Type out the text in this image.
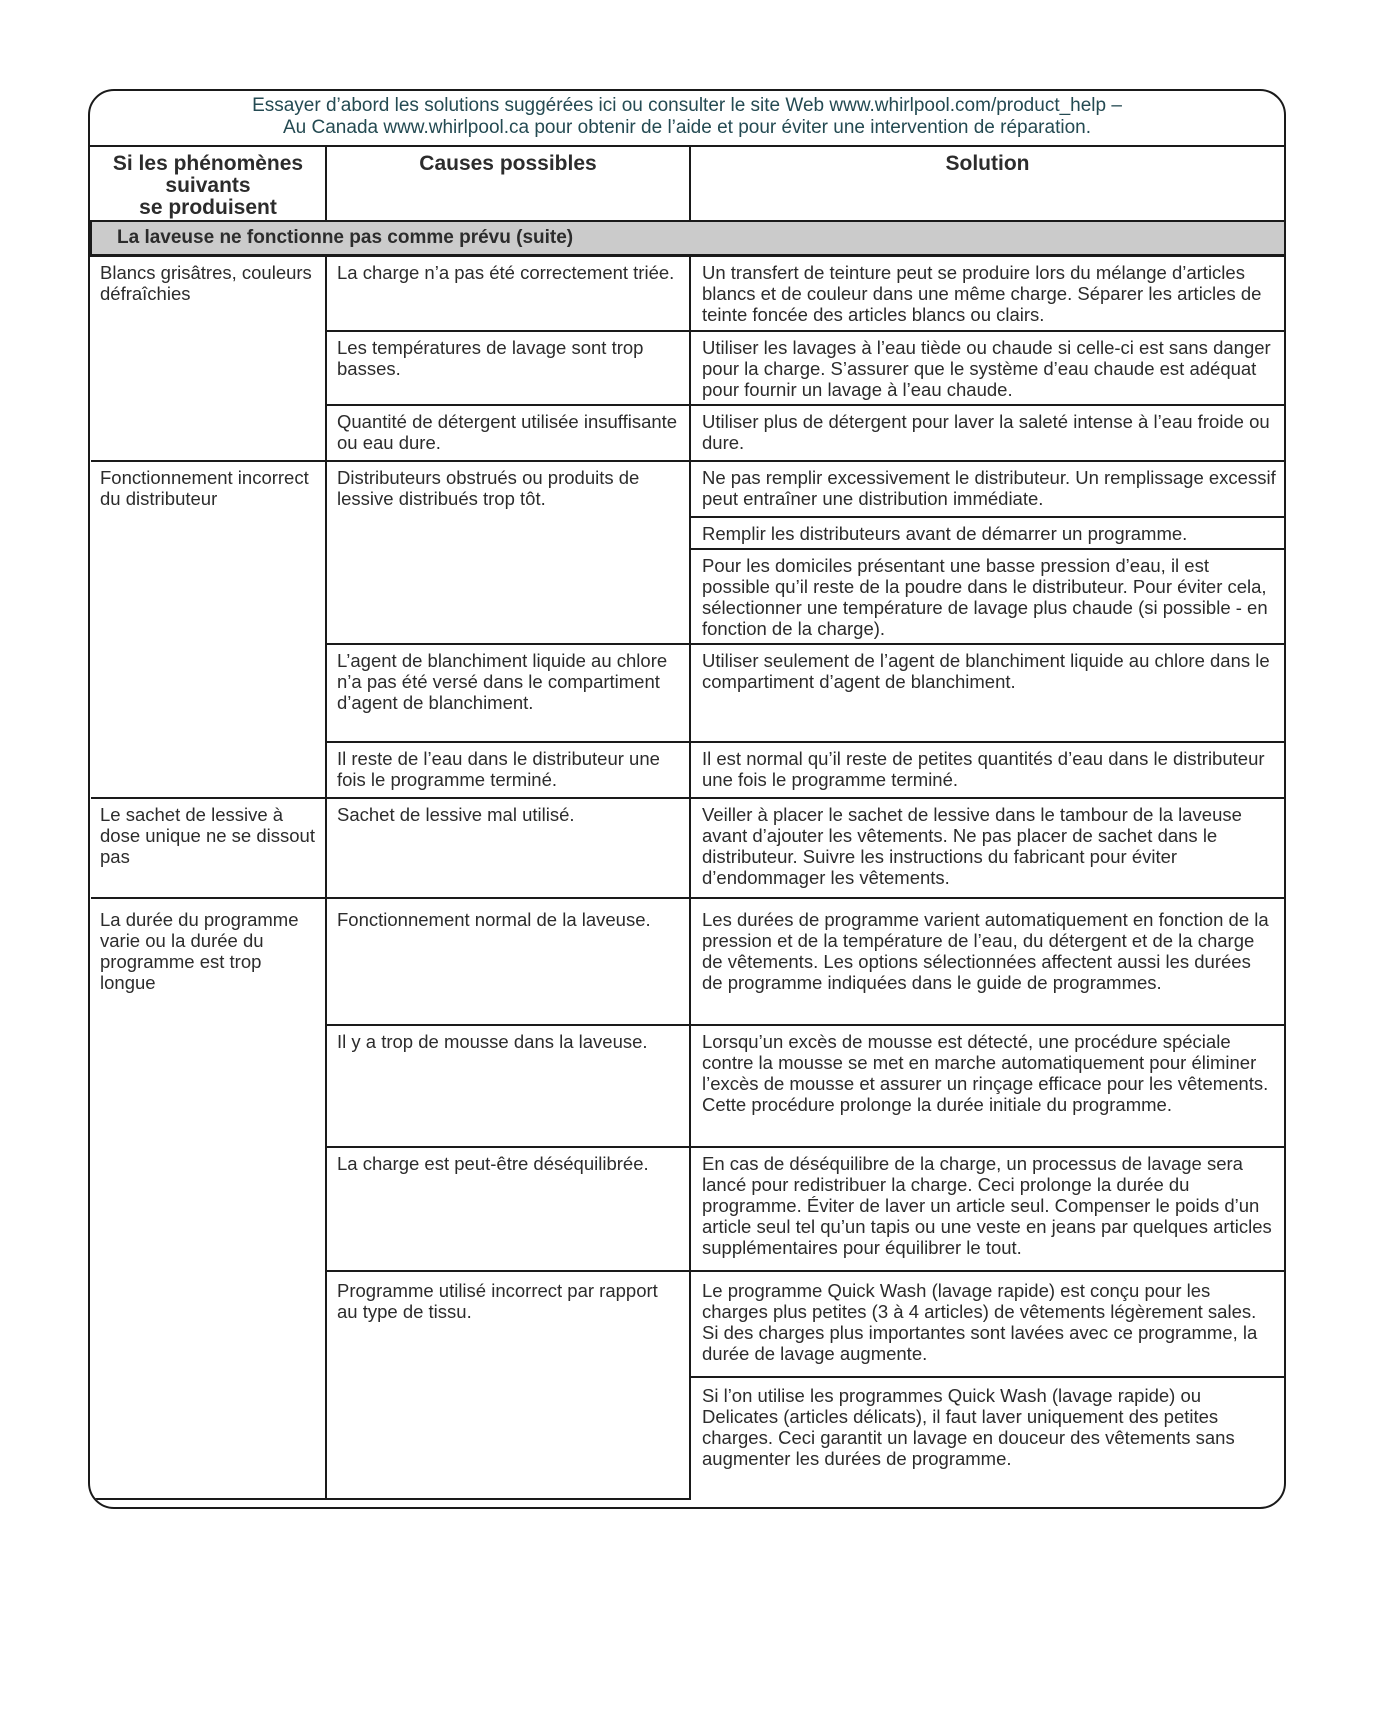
Essayer d’abord les solutions suggérées ici ou consulter le site Web www.whirlpool.com/product_help –
Au Canada www.whirlpool.ca pour obtenir de l’aide et pour éviter une intervention de réparation.
Si les phénomènes
suivants
se produisent	Causes possibles	Solution
La laveuse ne fonctionne pas comme prévu (suite)		
Blancs grisâtres, couleurs défraîchies	La charge n’a pas été correctement triée.	Un transfert de teinture peut se produire lors du mélange d’articles blancs et de couleur dans une même charge. Séparer les articles de teinte foncée des articles blancs ou clairs.
	Les températures de lavage sont trop basses.	Utiliser les lavages à l’eau tiède ou chaude si celle-ci est sans danger pour la charge. S’assurer que le système d’eau chaude est adéquat pour fournir un lavage à l’eau chaude.
	Quantité de détergent utilisée insuffisante ou eau dure.	Utiliser plus de détergent pour laver la saleté intense à l’eau froide ou dure.
Fonctionnement incorrect du distributeur	Distributeurs obstrués ou produits de lessive distribués trop tôt.	Ne pas remplir excessivement le distributeur. Un remplissage excessif peut entraîner une distribution immédiate.
		Remplir les distributeurs avant de démarrer un programme.
		Pour les domiciles présentant une basse pression d’eau, il est possible qu’il reste de la poudre dans le distributeur. Pour éviter cela, sélectionner une température de lavage plus chaude (si possible - en fonction de la charge).
	L’agent de blanchiment liquide au chlore n’a pas été versé dans le compartiment d’agent de blanchiment.	Utiliser seulement de l’agent de blanchiment liquide au chlore dans le compartiment d’agent de blanchiment.
	Il reste de l’eau dans le distributeur une fois le programme terminé.	Il est normal qu’il reste de petites quantités d’eau dans le distributeur une fois le programme terminé.
Le sachet de lessive à dose unique ne se dissout pas	Sachet de lessive mal utilisé.	Veiller à placer le sachet de lessive dans le tambour de la laveuse avant d’ajouter les vêtements. Ne pas placer de sachet dans le distributeur. Suivre les instructions du fabricant pour éviter d’endommager les vêtements.
La durée du programme varie ou la durée du programme est trop longue	Fonctionnement normal de la laveuse.	Les durées de programme varient automatiquement en fonction de la pression et de la température de l’eau, du détergent et de la charge de vêtements. Les options sélectionnées affectent aussi les durées de programme indiquées dans le guide de programmes.
	Il y a trop de mousse dans la laveuse.	Lorsqu’un excès de mousse est détecté, une procédure spéciale contre la mousse se met en marche automatiquement pour éliminer l’excès de mousse et assurer un rinçage efficace pour les vêtements. Cette procédure prolonge la durée initiale du programme.
	La charge est peut-être déséquilibrée.	En cas de déséquilibre de la charge, un processus de lavage sera lancé pour redistribuer la charge. Ceci prolonge la durée du programme. Éviter de laver un article seul. Compenser le poids d’un article seul tel qu’un tapis ou une veste en jeans par quelques articles supplémentaires pour équilibrer le tout.
	Programme utilisé incorrect par rapport au type de tissu.	Le programme Quick Wash (lavage rapide) est conçu pour les charges plus petites (3 à 4 articles) de vêtements légèrement sales. Si des charges plus importantes sont lavées avec ce programme, la durée de lavage augmente.
		Si l’on utilise les programmes Quick Wash (lavage rapide) ou Delicates (articles délicats), il faut laver uniquement des petites charges. Ceci garantit un lavage en douceur des vêtements sans augmenter les durées de programme.
